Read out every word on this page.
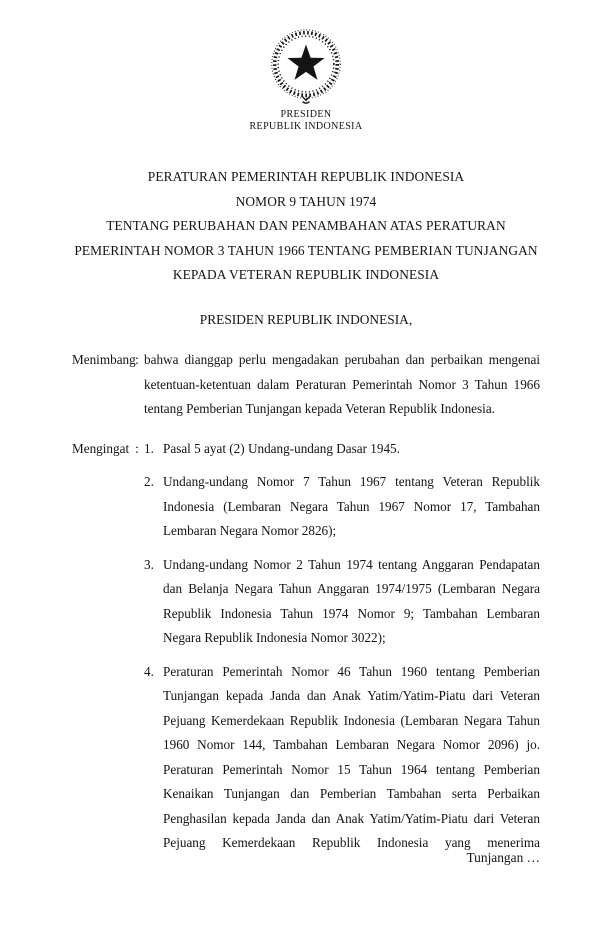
PRESIDEN
REPUBLIK INDONESIA
PERATURAN PEMERINTAH REPUBLIK INDONESIA
NOMOR 9 TAHUN 1974
TENTANG PERUBAHAN DAN PENAMBAHAN ATAS PERATURAN
PEMERINTAH NOMOR 3 TAHUN 1966 TENTANG PEMBERIAN TUNJANGAN
KEPADA VETERAN REPUBLIK INDONESIA
PRESIDEN REPUBLIK INDONESIA,
Menimbang : bahwa dianggap perlu mengadakan perubahan dan perbaikan mengenai ketentuan-ketentuan dalam Peraturan Pemerintah Nomor 3 Tahun 1966 tentang Pemberian Tunjangan kepada Veteran Republik Indonesia.
Mengingat : 1. Pasal 5 ayat (2) Undang-undang Dasar 1945.
2. Undang-undang Nomor 7 Tahun 1967 tentang Veteran Republik Indonesia (Lembaran Negara Tahun 1967 Nomor 17, Tambahan Lembaran Negara Nomor 2826);
3. Undang-undang Nomor 2 Tahun 1974 tentang Anggaran Pendapatan dan Belanja Negara Tahun Anggaran 1974/1975 (Lembaran Negara Republik Indonesia Tahun 1974 Nomor 9; Tambahan Lembaran Negara Republik Indonesia Nomor 3022);
4. Peraturan Pemerintah Nomor 46 Tahun 1960 tentang Pemberian Tunjangan kepada Janda dan Anak Yatim/Yatim-Piatu dari Veteran Pejuang Kemerdekaan Republik Indonesia (Lembaran Negara Tahun 1960 Nomor 144, Tambahan Lembaran Negara Nomor 2096) jo. Peraturan Pemerintah Nomor 15 Tahun 1964 tentang Pemberian Kenaikan Tunjangan dan Pemberian Tambahan serta Perbaikan Penghasilan kepada Janda dan Anak Yatim/Yatim-Piatu dari Veteran Pejuang Kemerdekaan Republik Indonesia yang menerima
Tunjangan …
